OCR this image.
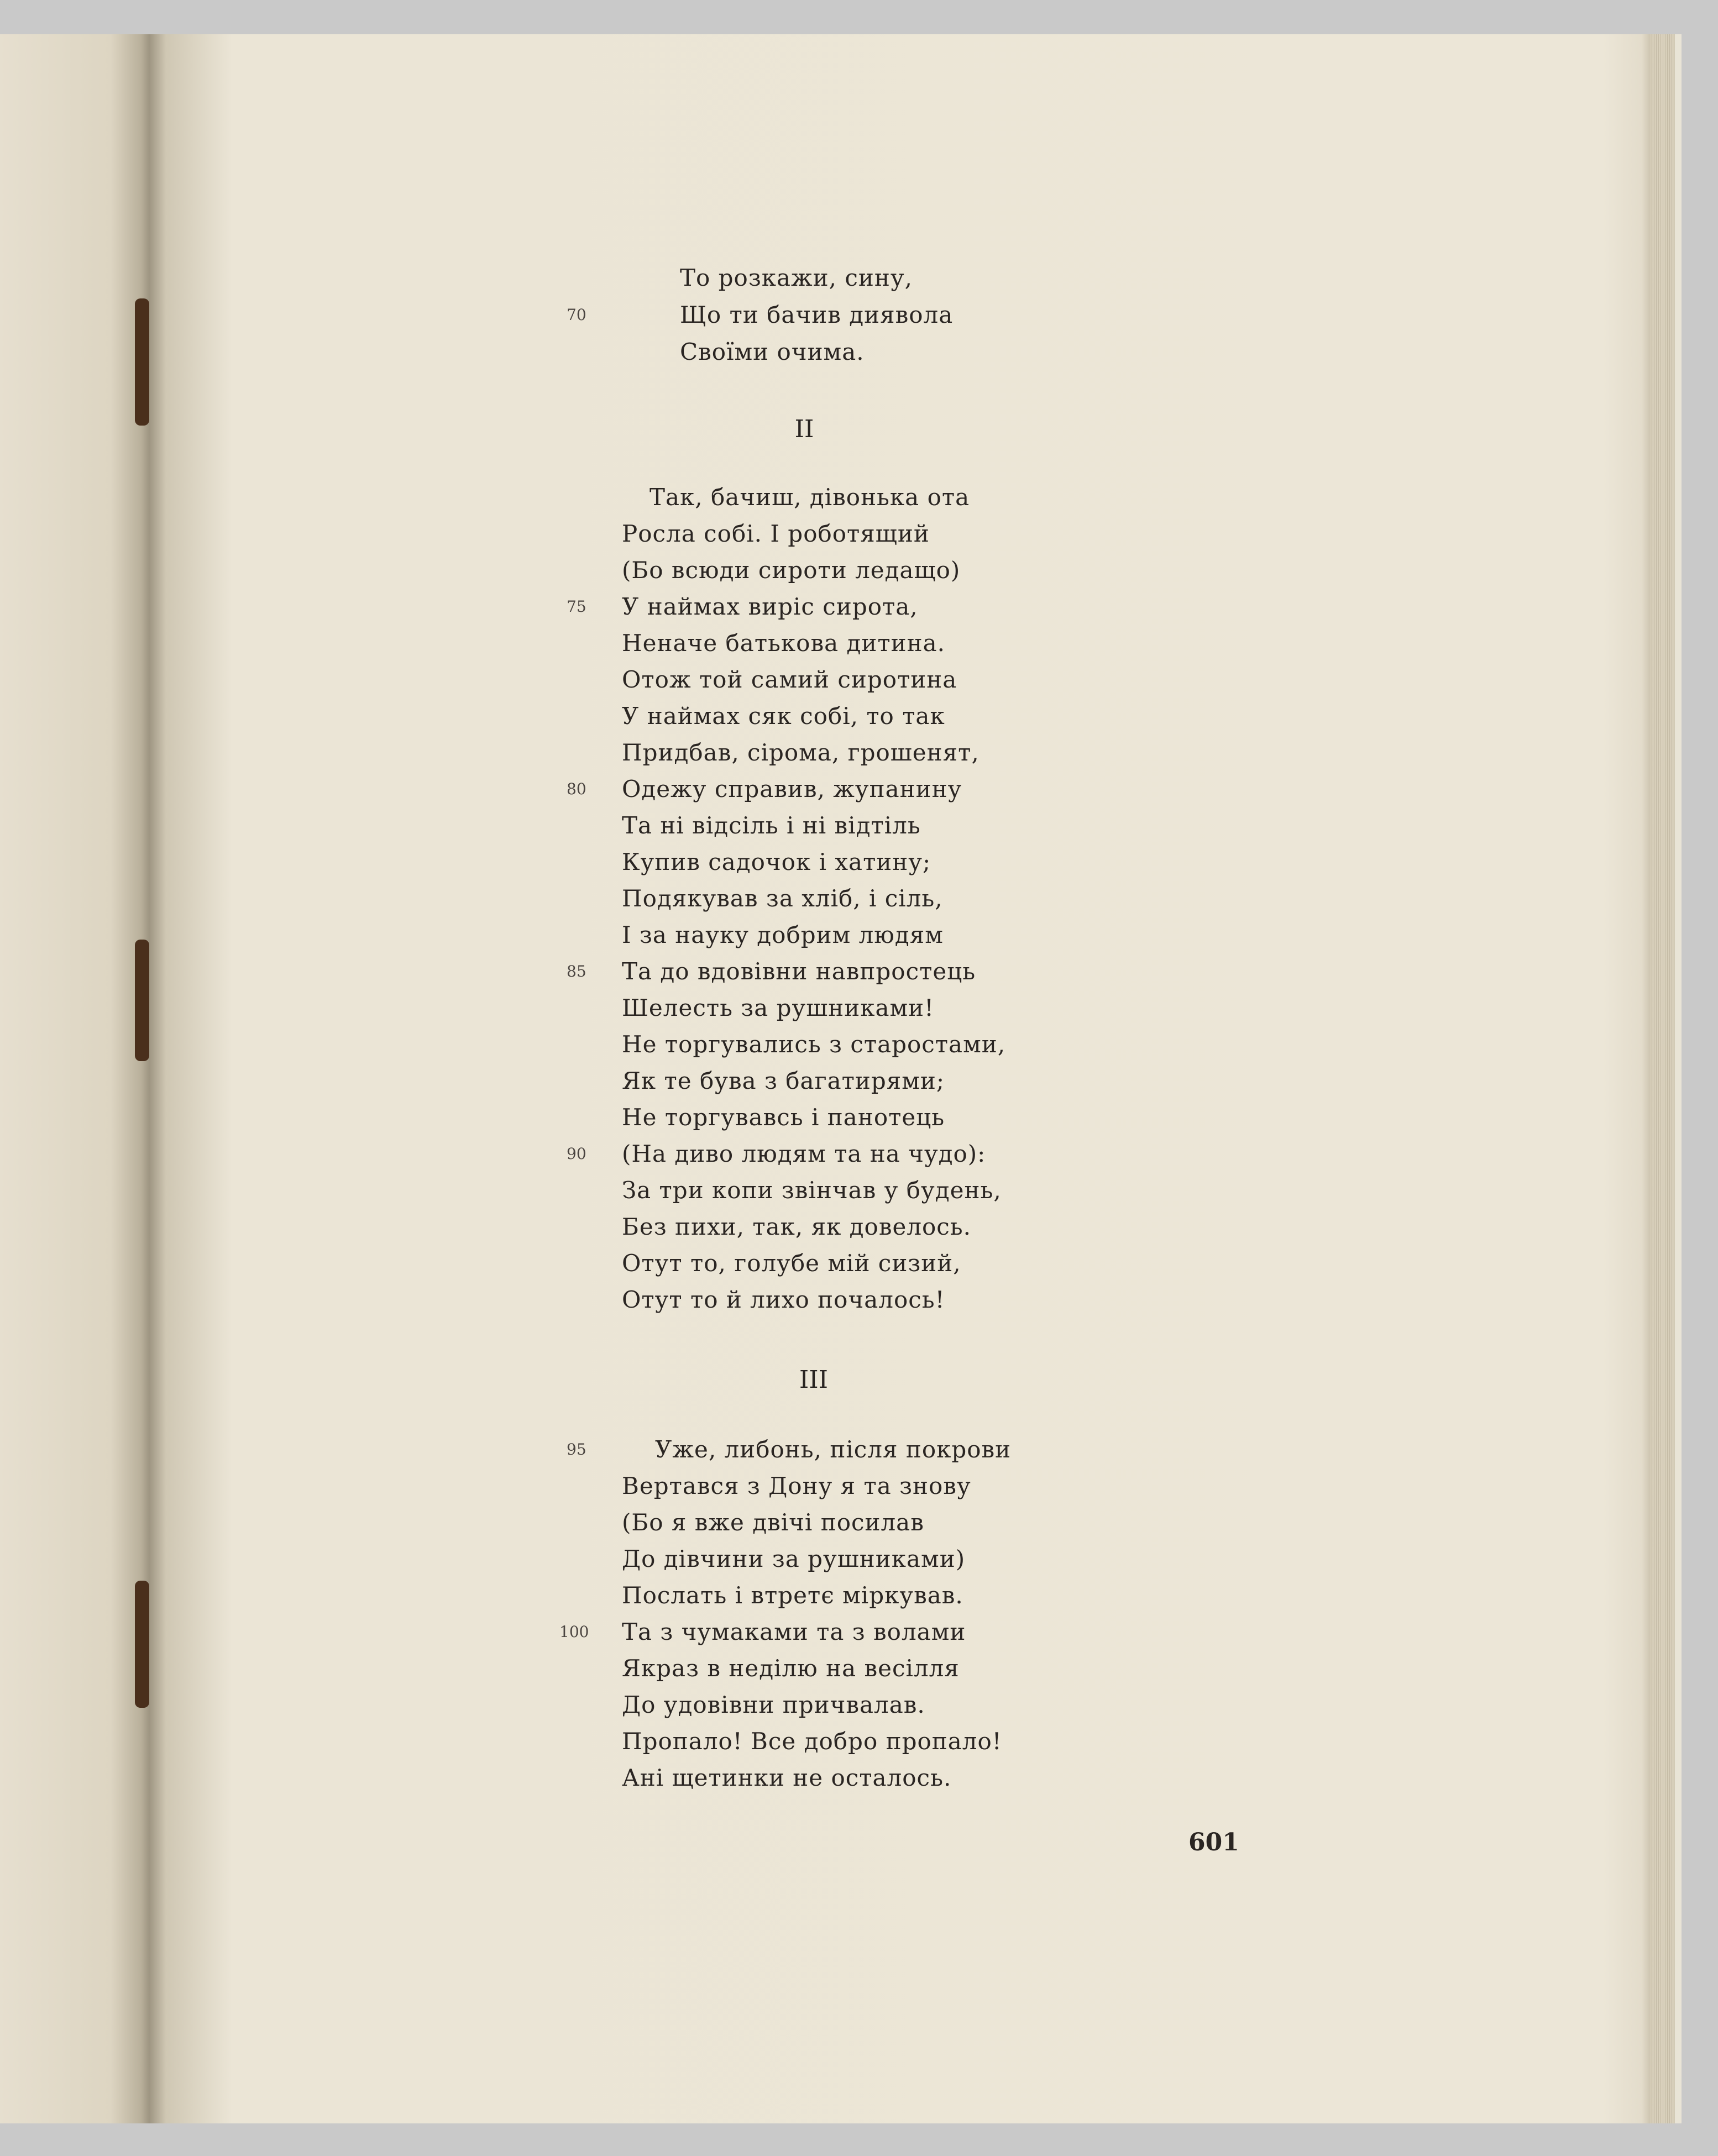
То розкажи, сину,
70	Що ти бачив диявола
Своїми очима.
II
Так, бачиш, дівонька ота
Росла собі. І роботящий
(Бо всюди сироти ледащо)
75 У наймах виріс сирота,
Неначе батькова дитина.
Отож той самий сиротина
У наймах сяк собі, то так
Придбав, сірома, грошенят,
80 Одежу справив, жупанину
Та ні відсіль і ні відтіль
Купив садочок і хатину;
Подякував за хліб, і сіль,
І за науку добрим людям
85 Та до вдовівни навпростець
Шелесть за рушниками!
Не торгувались з старостами,
Як те бува з багатирями;
Не торгувавсь і панотець
90 (На диво людям та на чудо):
За три копи звінчав у будень,
Без пихи, так, як довелось.
Отут то, голубе мій сизий,
Отут то й лихо почалось!
III
95	Уже, либонь, після покрови
Вертався з Дону я та знову
(Бо я вже двічі посилав
До дівчини за рушниками)
Послать і втретє міркував.
100 Та з чумаками та з волами
Якраз в неділю на весілля
До удовівни причвалав.
Пропало! Все добро пропало!
Ані щетинки не осталось.
601
